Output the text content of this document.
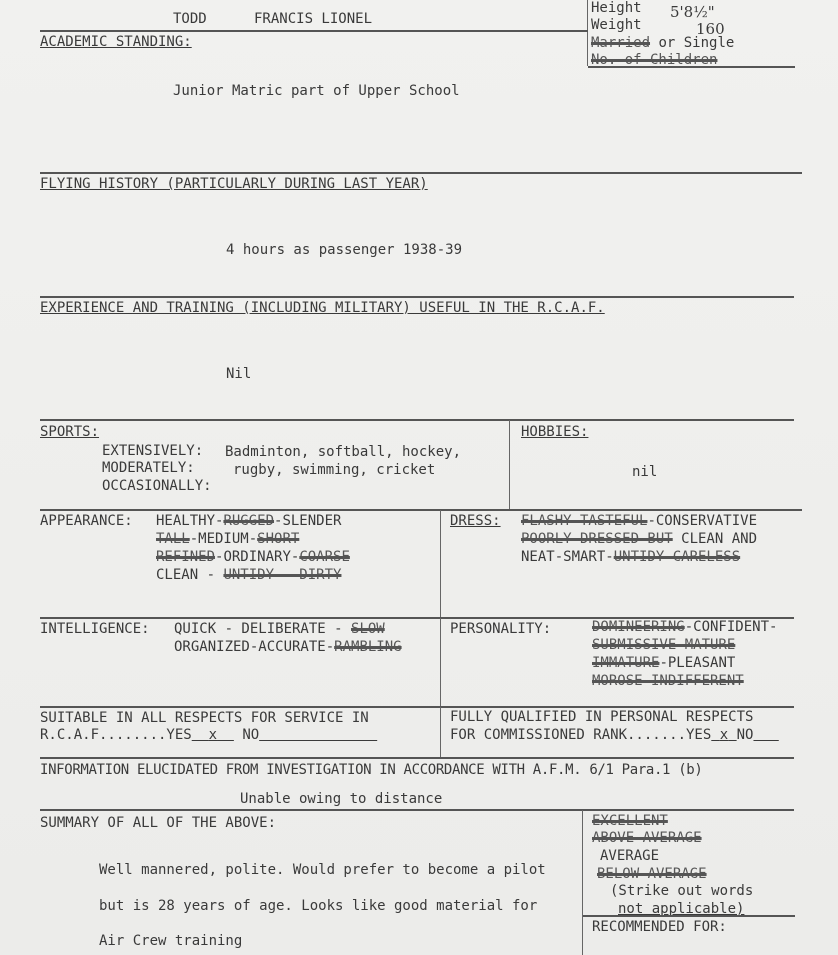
TODD	FRANCIS LIONEL
Height 5'8½"
Weight	160
Married or Single
No. of Children
ACADEMIC STANDING:
Junior Matric part of Upper School
FLYING HISTORY (PARTICULARLY DURING LAST YEAR)
4 hours as passenger 1938-39
EXPERIENCE AND TRAINING (INCLUDING MILITARY) USEFUL IN THE R.C.A.F.
Nil
SPORTS:
EXTENSIVELY: Badminton, softball, hockey,
MODERATELY:	rugby, swimming, cricket
OCCASIONALLY:
HOBBIES:
nil
APPEARANCE: HEALTHY-RUGGED-SLENDER
TALL-MEDIUM-SHORT
REFINED-ORDINARY-COARSE
CLEAN - UNTIDY - DIRTY
DRESS: FLASHY-TASTEFUL-CONSERVATIVE
POORLY DRESSED BUT CLEAN AND
NEAT-SMART-UNTIDY-CARELESS
INTELLIGENCE: QUICK - DELIBERATE - SLOW
ORGANIZED-ACCURATE-RAMBLING
PERSONALITY:	DOMINEERING-CONFIDENT-
SUBMISSIVE-MATURE
IMMATURE-PLEASANT
MOROSE-INDIFFERENT
SUITABLE IN ALL RESPECTS FOR SERVICE IN
R.C.A.F........YES x NO
FULLY QUALIFIED IN PERSONAL RESPECTS
FOR COMMISSIONED RANK.......YES x NO
INFORMATION ELUCIDATED FROM INVESTIGATION IN ACCORDANCE WITH A.F.M. 6/1 Para.1 (b)
Unable owing to distance
SUMMARY OF ALL OF THE ABOVE:
Well mannered, polite. Would prefer to become a pilot
but is 28 years of age. Looks like good material for
Air Crew training
EXCELLENT
ABOVE AVERAGE
AVERAGE
BELOW AVERAGE
(Strike out words
not applicable)
RECOMMENDED FOR:
